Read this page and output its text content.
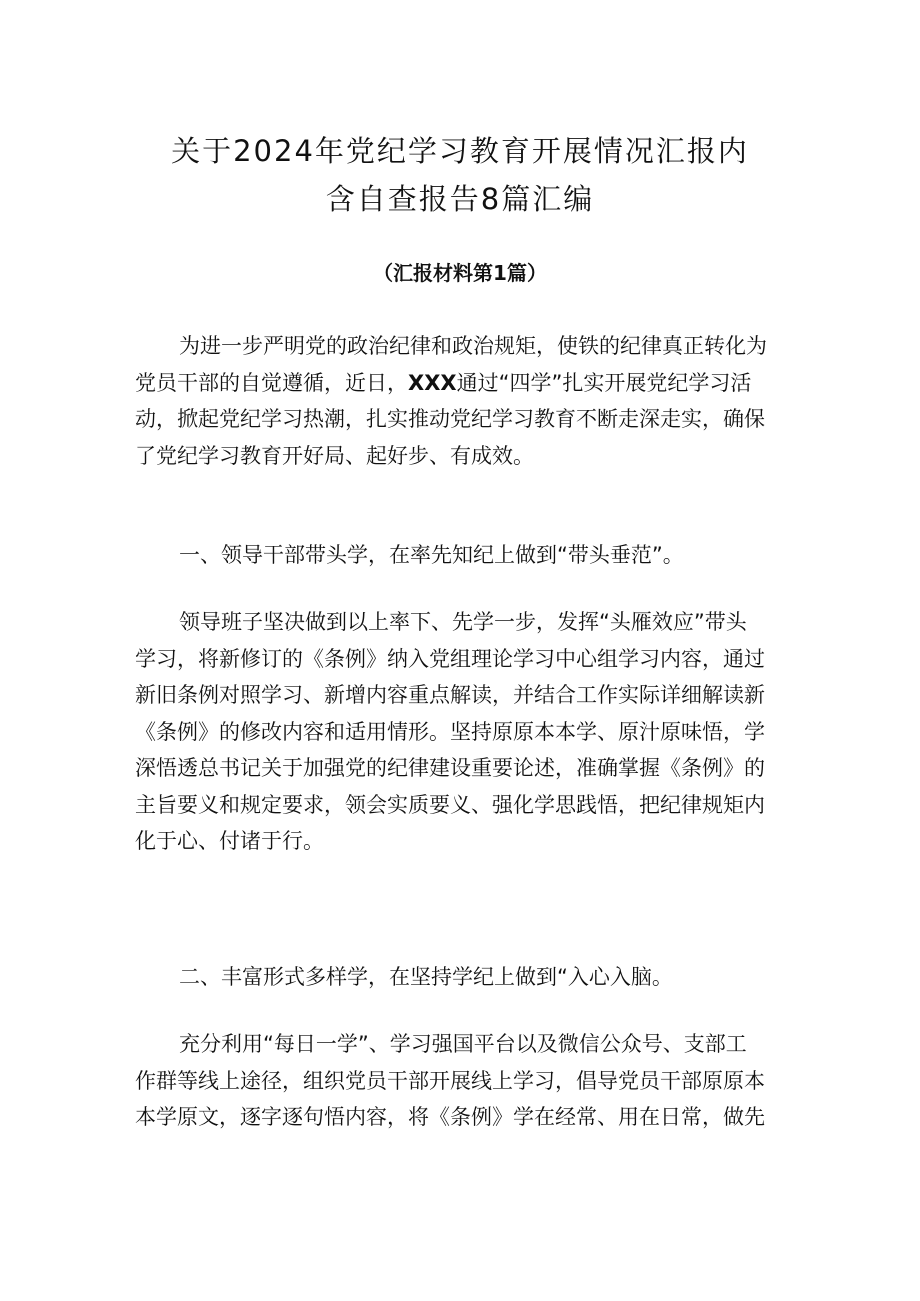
关于2024年党纪学习教育开展情况汇报内
含自查报告8篇汇编
（汇报材料第1篇）

为进一步严明党的政治纪律和政治规矩，使铁的纪律真正转化为
党员干部的自觉遵循，近日，XXX通过“四学”扎实开展党纪学习活
动，掀起党纪学习热潮，扎实推动党纪学习教育不断走深走实，确保
了党纪学习教育开好局、起好步、有成效。

一、领导干部带头学，在率先知纪上做到“带头垂范”。

领导班子坚决做到以上率下、先学一步，发挥“头雁效应”带头
学习，将新修订的《条例》纳入党组理论学习中心组学习内容，通过
新旧条例对照学习、新增内容重点解读，并结合工作实际详细解读新
《条例》的修改内容和适用情形。坚持原原本本学、原汁原味悟，学
深悟透总书记关于加强党的纪律建设重要论述，准确掌握《条例》的
主旨要义和规定要求，领会实质要义、强化学思践悟，把纪律规矩内
化于心、付诸于行。

二、丰富形式多样学，在坚持学纪上做到“入心入脑。

充分利用“每日一学”、学习强国平台以及微信公众号、支部工
作群等线上途径，组织党员干部开展线上学习，倡导党员干部原原本
本学原文，逐字逐句悟内容，将《条例》学在经常、用在日常，做先
